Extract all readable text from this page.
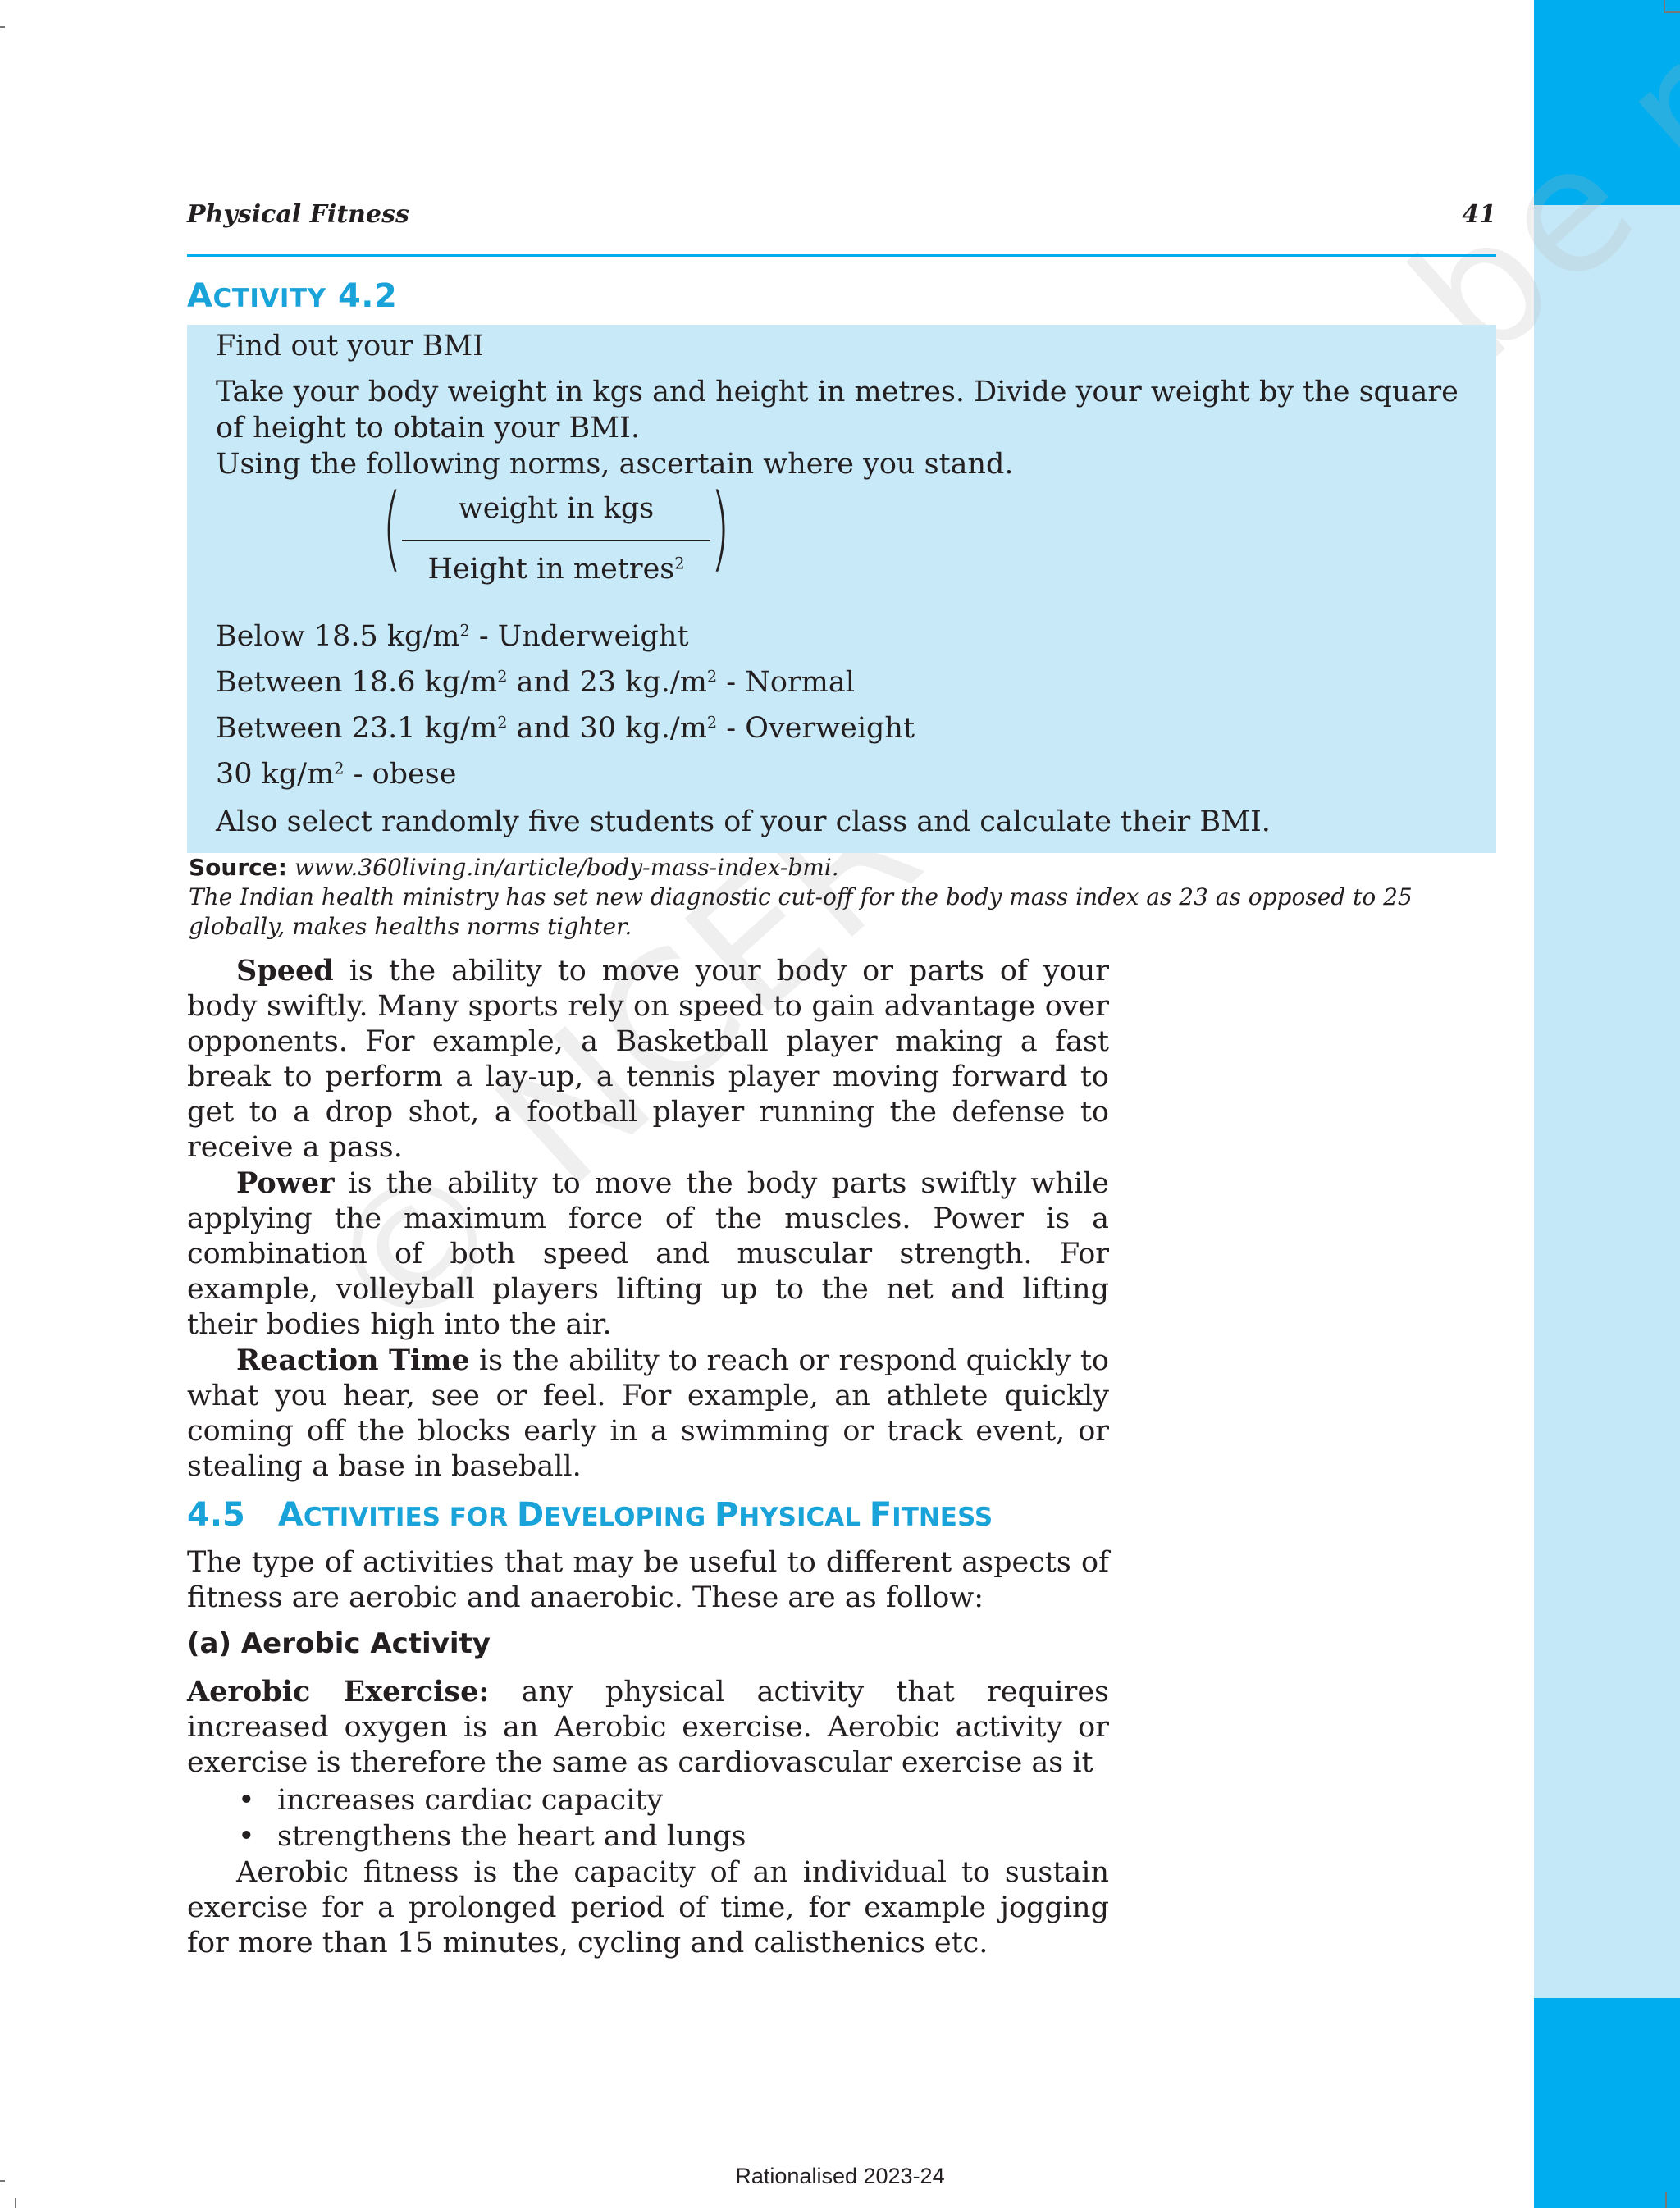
© NCERT be
Physical Fitness	41
ACTIVITY 4.2
Find out your BMI
Take your body weight in kgs and height in metres. Divide your weight by the square
of height to obtain your BMI.
Using the following norms, ascertain where you stand.
(	)
weight in kgs
Height in metres$^2$
Below 18.5 $kg/m^2$ - Underweight
Between 18.6 $kg/m^2$ and 23 $kg./m^2$ - Normal
Between 23.1 $kg/m^2$ and 30 $kg./m^2$ - Overweight
30 $kg/m^2$ - obese
Also select randomly five students of your class and calculate their BMI.
Source: www.360living.in/article/body-mass-index-bmi.
The Indian health ministry has set new diagnostic cut-off for the body mass index as 23 as opposed to 25
globally, makes healths norms tighter.

Speed is the ability to move your body or parts of your body swiftly. Many sports rely on speed to gain advantage over opponents. For example, a Basketball player making a fast break to perform a lay-up, a tennis player moving forward to get to a drop shot, a football player running the defense to receive a pass.

Power is the ability to move the body parts swiftly while applying the maximum force of the muscles. Power is a combination of both speed and muscular strength. For example, volleyball players lifting up to the net and lifting their bodies high into the air.

Reaction Time is the ability to reach or respond quickly to what you hear, see or feel. For example, an athlete quickly coming off the blocks early in a swimming or track event, or stealing a base in baseball.

4.5 ACTIVITIES FOR DEVELOPING PHYSICAL FITNESS

The type of activities that may be useful to different aspects of fitness are aerobic and anaerobic. These are as follow:

(a) Aerobic Activity

Aerobic Exercise: any physical activity that requires increased oxygen is an Aerobic exercise. Aerobic activity or exercise is therefore the same as cardiovascular exercise as it

• increases cardiac capacity
• strengthens the heart and lungs

Aerobic fitness is the capacity of an individual to sustain exercise for a prolonged period of time, for example jogging for more than 15 minutes, cycling and calisthenics etc.

Rationalised 2023-24
